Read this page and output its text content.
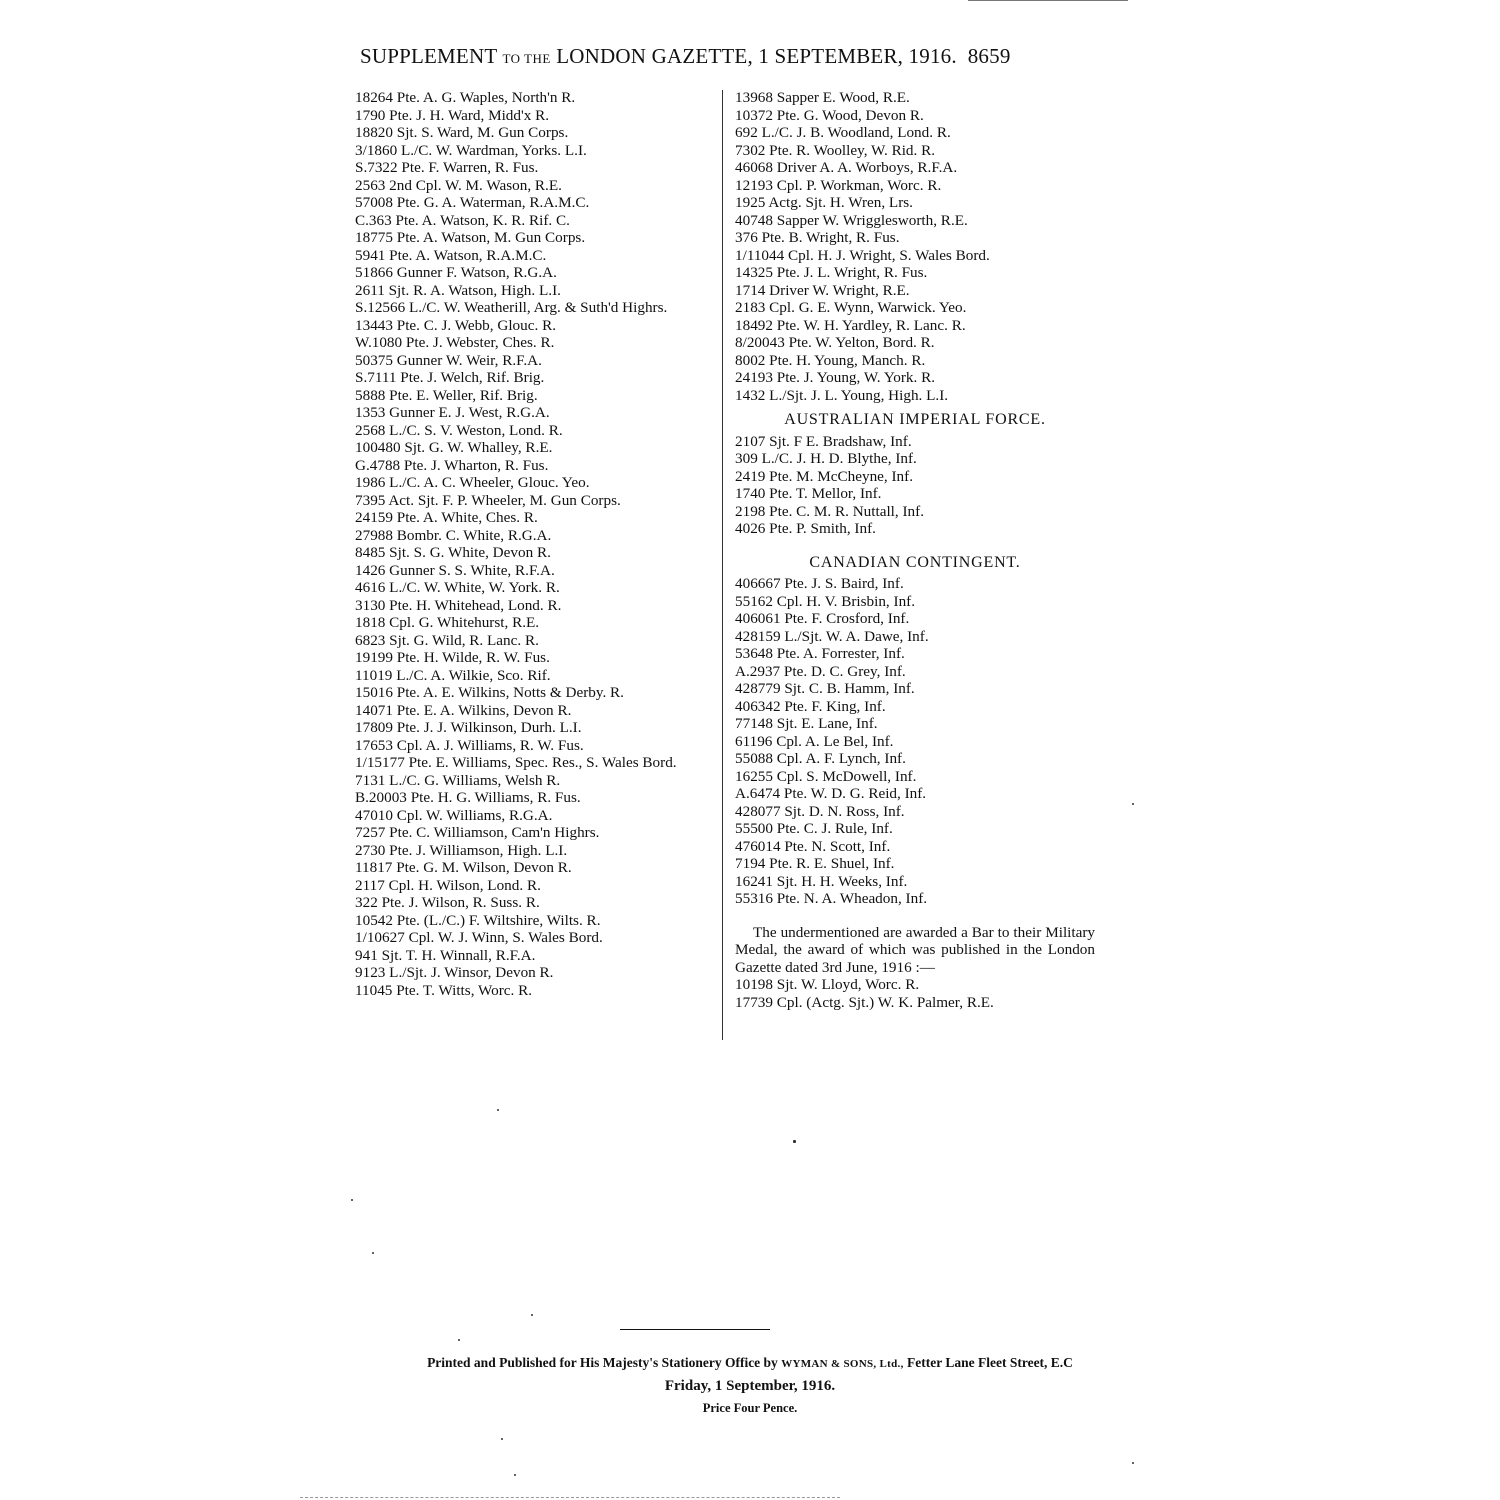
SUPPLEMENT TO THE LONDON GAZETTE, 1 SEPTEMBER, 1916. 8659
18264 Pte. A. G. Waples, North'n R.
1790 Pte. J. H. Ward, Midd'x R.
18820 Sjt. S. Ward, M. Gun Corps.
3/1860 L./C. W. Wardman, Yorks. L.I.
S.7322 Pte. F. Warren, R. Fus.
2563 2nd Cpl. W. M. Wason, R.E.
57008 Pte. G. A. Waterman, R.A.M.C.
C.363 Pte. A. Watson, K. R. Rif. C.
18775 Pte. A. Watson, M. Gun Corps.
5941 Pte. A. Watson, R.A.M.C.
51866 Gunner F. Watson, R.G.A.
2611 Sjt. R. A. Watson, High. L.I.
S.12566 L./C. W. Weatherill, Arg. & Suth'd Highrs.
13443 Pte. C. J. Webb, Glouc. R.
W.1080 Pte. J. Webster, Ches. R.
50375 Gunner W. Weir, R.F.A.
S.7111 Pte. J. Welch, Rif. Brig.
5888 Pte. E. Weller, Rif. Brig.
1353 Gunner E. J. West, R.G.A.
2568 L./C. S. V. Weston, Lond. R.
100480 Sjt. G. W. Whalley, R.E.
G.4788 Pte. J. Wharton, R. Fus.
1986 L./C. A. C. Wheeler, Glouc. Yeo.
7395 Act. Sjt. F. P. Wheeler, M. Gun Corps.
24159 Pte. A. White, Ches. R.
27988 Bombr. C. White, R.G.A.
8485 Sjt. S. G. White, Devon R.
1426 Gunner S. S. White, R.F.A.
4616 L./C. W. White, W. York. R.
3130 Pte. H. Whitehead, Lond. R.
1818 Cpl. G. Whitehurst, R.E.
6823 Sjt. G. Wild, R. Lanc. R.
19199 Pte. H. Wilde, R. W. Fus.
11019 L./C. A. Wilkie, Sco. Rif.
15016 Pte. A. E. Wilkins, Notts & Derby. R.
14071 Pte. E. A. Wilkins, Devon R.
17809 Pte. J. J. Wilkinson, Durh. L.I.
17653 Cpl. A. J. Williams, R. W. Fus.
1/15177 Pte. E. Williams, Spec. Res., S. Wales Bord.
7131 L./C. G. Williams, Welsh R.
B.20003 Pte. H. G. Williams, R. Fus.
47010 Cpl. W. Williams, R.G.A.
7257 Pte. C. Williamson, Cam'n Highrs.
2730 Pte. J. Williamson, High. L.I.
11817 Pte. G. M. Wilson, Devon R.
2117 Cpl. H. Wilson, Lond. R.
322 Pte. J. Wilson, R. Suss. R.
10542 Pte. (L./C.) F. Wiltshire, Wilts. R.
1/10627 Cpl. W. J. Winn, S. Wales Bord.
941 Sjt. T. H. Winnall, R.F.A.
9123 L./Sjt. J. Winsor, Devon R.
11045 Pte. T. Witts, Worc. R.
13968 Sapper E. Wood, R.E.
10372 Pte. G. Wood, Devon R.
692 L./C. J. B. Woodland, Lond. R.
7302 Pte. R. Woolley, W. Rid. R.
46068 Driver A. A. Worboys, R.F.A.
12193 Cpl. P. Workman, Worc. R.
1925 Actg. Sjt. H. Wren, Lrs.
40748 Sapper W. Wrigglesworth, R.E.
376 Pte. B. Wright, R. Fus.
1/11044 Cpl. H. J. Wright, S. Wales Bord.
14325 Pte. J. L. Wright, R. Fus.
1714 Driver W. Wright, R.E.
2183 Cpl. G. E. Wynn, Warwick. Yeo.
18492 Pte. W. H. Yardley, R. Lanc. R.
8/20043 Pte. W. Yelton, Bord. R.
8002 Pte. H. Young, Manch. R.
24193 Pte. J. Young, W. York. R.
1432 L./Sjt. J. L. Young, High. L.I.
AUSTRALIAN IMPERIAL FORCE.
2107 Sjt. F E. Bradshaw, Inf.
309 L./C. J. H. D. Blythe, Inf.
2419 Pte. M. McCheyne, Inf.
1740 Pte. T. Mellor, Inf.
2198 Pte. C. M. R. Nuttall, Inf.
4026 Pte. P. Smith, Inf.
CANADIAN CONTINGENT.
406667 Pte. J. S. Baird, Inf.
55162 Cpl. H. V. Brisbin, Inf.
406061 Pte. F. Crosford, Inf.
428159 L./Sjt. W. A. Dawe, Inf.
53648 Pte. A. Forrester, Inf.
A.2937 Pte. D. C. Grey, Inf.
428779 Sjt. C. B. Hamm, Inf.
406342 Pte. F. King, Inf.
77148 Sjt. E. Lane, Inf.
61196 Cpl. A. Le Bel, Inf.
55088 Cpl. A. F. Lynch, Inf.
16255 Cpl. S. McDowell, Inf.
A.6474 Pte. W. D. G. Reid, Inf.
428077 Sjt. D. N. Ross, Inf.
55500 Pte. C. J. Rule, Inf.
476014 Pte. N. Scott, Inf.
7194 Pte. R. E. Shuel, Inf.
16241 Sjt. H. H. Weeks, Inf.
55316 Pte. N. A. Wheadon, Inf.
The undermentioned are awarded a Bar to their Military Medal, the award of which was published in the London Gazette dated 3rd June, 1916 :—
10198 Sjt. W. Lloyd, Worc. R.
17739 Cpl. (Actg. Sjt.) W. K. Palmer, R.E.
Printed and Published for His Majesty's Stationery Office by WYMAN & SONS, Ltd., Fetter Lane Fleet Street, E.C
Friday, 1 September, 1916.
Price Four Pence.
